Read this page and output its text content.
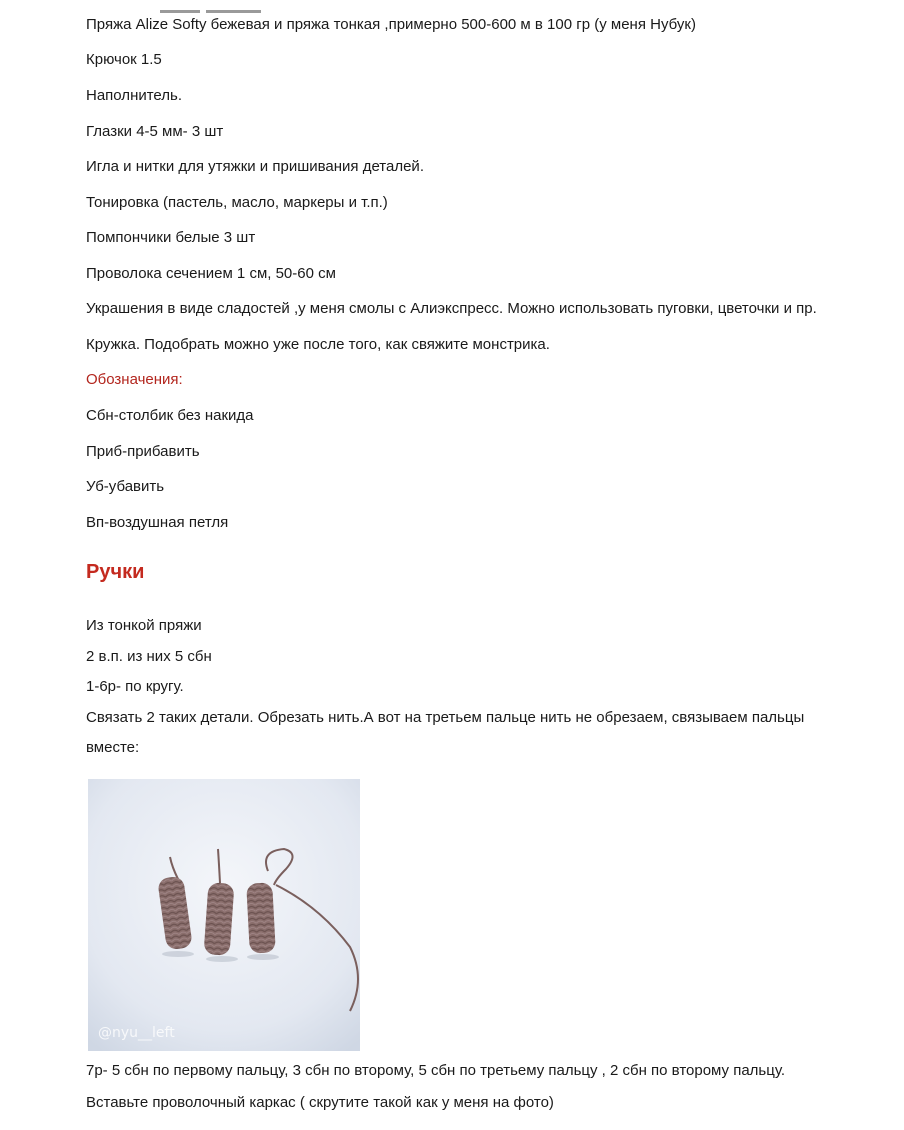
Пряжа Alize Softy бежевая и пряжа тонкая ,примерно 500-600 м в 100 гр (у меня Нубук)
Крючок 1.5
Наполнитель.
Глазки 4-5 мм- 3 шт
Игла и нитки для утяжки и пришивания деталей.
Тонировка (пастель, масло, маркеры и т.п.)
Помпончики белые 3 шт
Проволока сечением 1 см, 50-60 см
Украшения в виде сладостей ,у меня смолы с Алиэкспресс. Можно использовать пуговки, цветочки и пр.
Кружка. Подобрать можно уже после того, как свяжите монстрика.
Обозначения:
Сбн-столбик без накида
Приб-прибавить
Уб-убавить
Вп-воздушная петля
Ручки
Из тонкой пряжи
2 в.п. из них 5 сбн
1-6р- по кругу.
Связать 2 таких детали. Обрезать нить.А вот на третьем пальце нить не обрезаем, связываем пальцы
вместе:
@nyu__left
7р- 5 сбн по первому пальцу, 3 сбн по второму, 5 сбн по третьему пальцу , 2 сбн по второму пальцу.
Вставьте проволочный каркас ( скрутите такой как у меня на фото)
